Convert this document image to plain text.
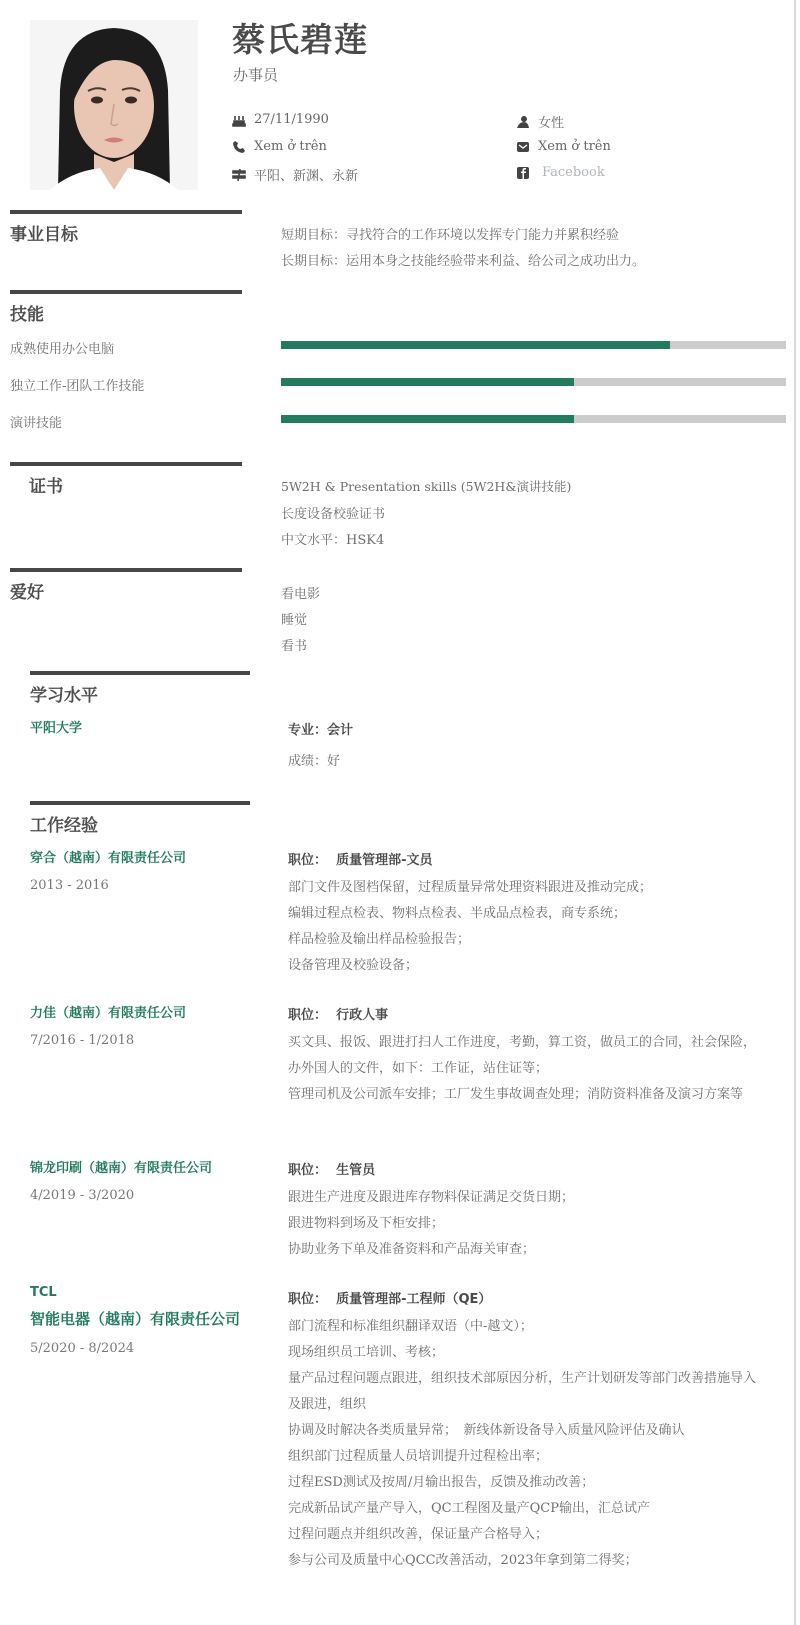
蔡氏碧莲
办事员
27/11/1990
Xem ở trên
平阳、新渊、永新
女性
Xem ở trên
Facebook
事业目标	短期目标：寻找符合的工作环境以发挥专门能力并累积经验
长期目标：运用本身之技能经验带来利益、给公司之成功出力。
技能
成熟使用办公电脑
独立工作-团队工作技能
演讲技能
证书	5W2H & Presentation skills (5W2H&演讲技能)
长度设备校验证书
中文水平：HSK4
爱好	看电影
睡觉
看书
学习水平
平阳大学	专业：会计
成绩：好
工作经验
穿合（越南）有限责任公司
2013 - 2016
职位： 质量管理部-文员
部门文件及图档保留，过程质量异常处理资料跟进及推动完成；
编辑过程点检表、物料点检表、半成品点检表，商专系统；
样品检验及输出样品检验报告；
设备管理及校验设备；
力佳（越南）有限责任公司
7/2016 - 1/2018
职位： 行政人事
买文具、报饭、跟进打扫人工作进度，考勤，算工资，做员工的合同，社会保险，办外国人的文件，如下：工作证，站住证等；
管理司机及公司派车安排；工厂发生事故调查处理；消防资料准备及演习方案等
锦龙印刷（越南）有限责任公司
4/2019 - 3/2020
职位： 生管员
跟进生产进度及跟进库存物料保证满足交货日期；
跟进物料到场及下柜安排；
协助业务下单及准备资料和产品海关审查；
TCL
智能电器（越南）有限责任公司
5/2020 - 8/2024
职位： 质量管理部-工程师（QE）
部门流程和标准组织翻译双语（中-越文）；
现场组织员工培训、考核；
量产品过程问题点跟进，组织技术部原因分析，生产计划研发等部门改善措施导入及跟进，组织
协调及时解决各类质量异常；　新线体新设备导入质量风险评估及确认
组织部门过程质量人员培训提升过程检出率；
过程ESD测试及按周/月输出报告，反馈及推动改善；
完成新品试产量产导入，QC工程图及量产QCP输出，汇总试产
过程问题点并组织改善，保证量产合格导入；
参与公司及质量中心QCC改善活动，2023年拿到第二得奖；
